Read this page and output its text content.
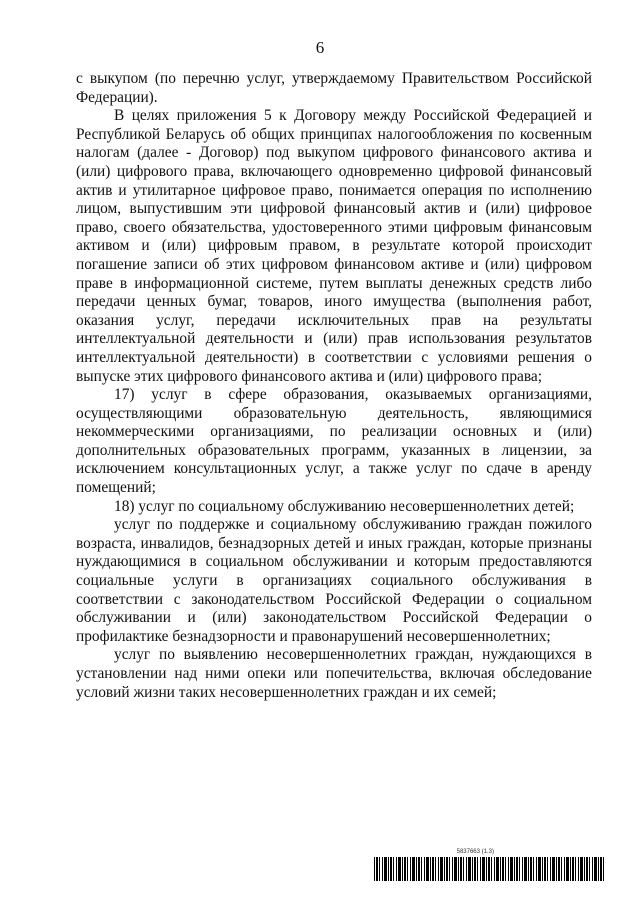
6

с выкупом (по перечню услуг, утверждаемому Правительством Российской Федерации).

В целях приложения 5 к Договору между Российской Федерацией и Республикой Беларусь об общих принципах налогообложения по косвенным налогам (далее - Договор) под выкупом цифрового финансового актива и (или) цифрового права, включающего одновременно цифровой финансовый актив и утилитарное цифровое право, понимается операция по исполнению лицом, выпустившим эти цифровой финансовый актив и (или) цифровое право, своего обязательства, удостоверенного этими цифровым финансовым активом и (или) цифровым правом, в результате которой происходит погашение записи об этих цифровом финансовом активе и (или) цифровом праве в информационной системе, путем выплаты денежных средств либо передачи ценных бумаг, товаров, иного имущества (выполнения работ, оказания услуг, передачи исключительных прав на результаты интеллектуальной деятельности и (или) прав использования результатов интеллектуальной деятельности) в соответствии с условиями решения о выпуске этих цифрового финансового актива и (или) цифрового права;

17) услуг в сфере образования, оказываемых организациями, осуществляющими образовательную деятельность, являющимися некоммерческими организациями, по реализации основных и (или) дополнительных образовательных программ, указанных в лицензии, за исключением консультационных услуг, а также услуг по сдаче в аренду помещений;

18) услуг по социальному обслуживанию несовершеннолетних детей;

услуг по поддержке и социальному обслуживанию граждан пожилого возраста, инвалидов, безнадзорных детей и иных граждан, которые признаны нуждающимися в социальном обслуживании и которым предоставляются социальные услуги в организациях социального обслуживания в соответствии с законодательством Российской Федерации о социальном обслуживании и (или) законодательством Российской Федерации о профилактике безнадзорности и правонарушений несовершеннолетних;

услуг по выявлению несовершеннолетних граждан, нуждающихся в установлении над ними опеки или попечительства, включая обследование условий жизни таких несовершеннолетних граждан и их семей;

5837663 (1.3)
